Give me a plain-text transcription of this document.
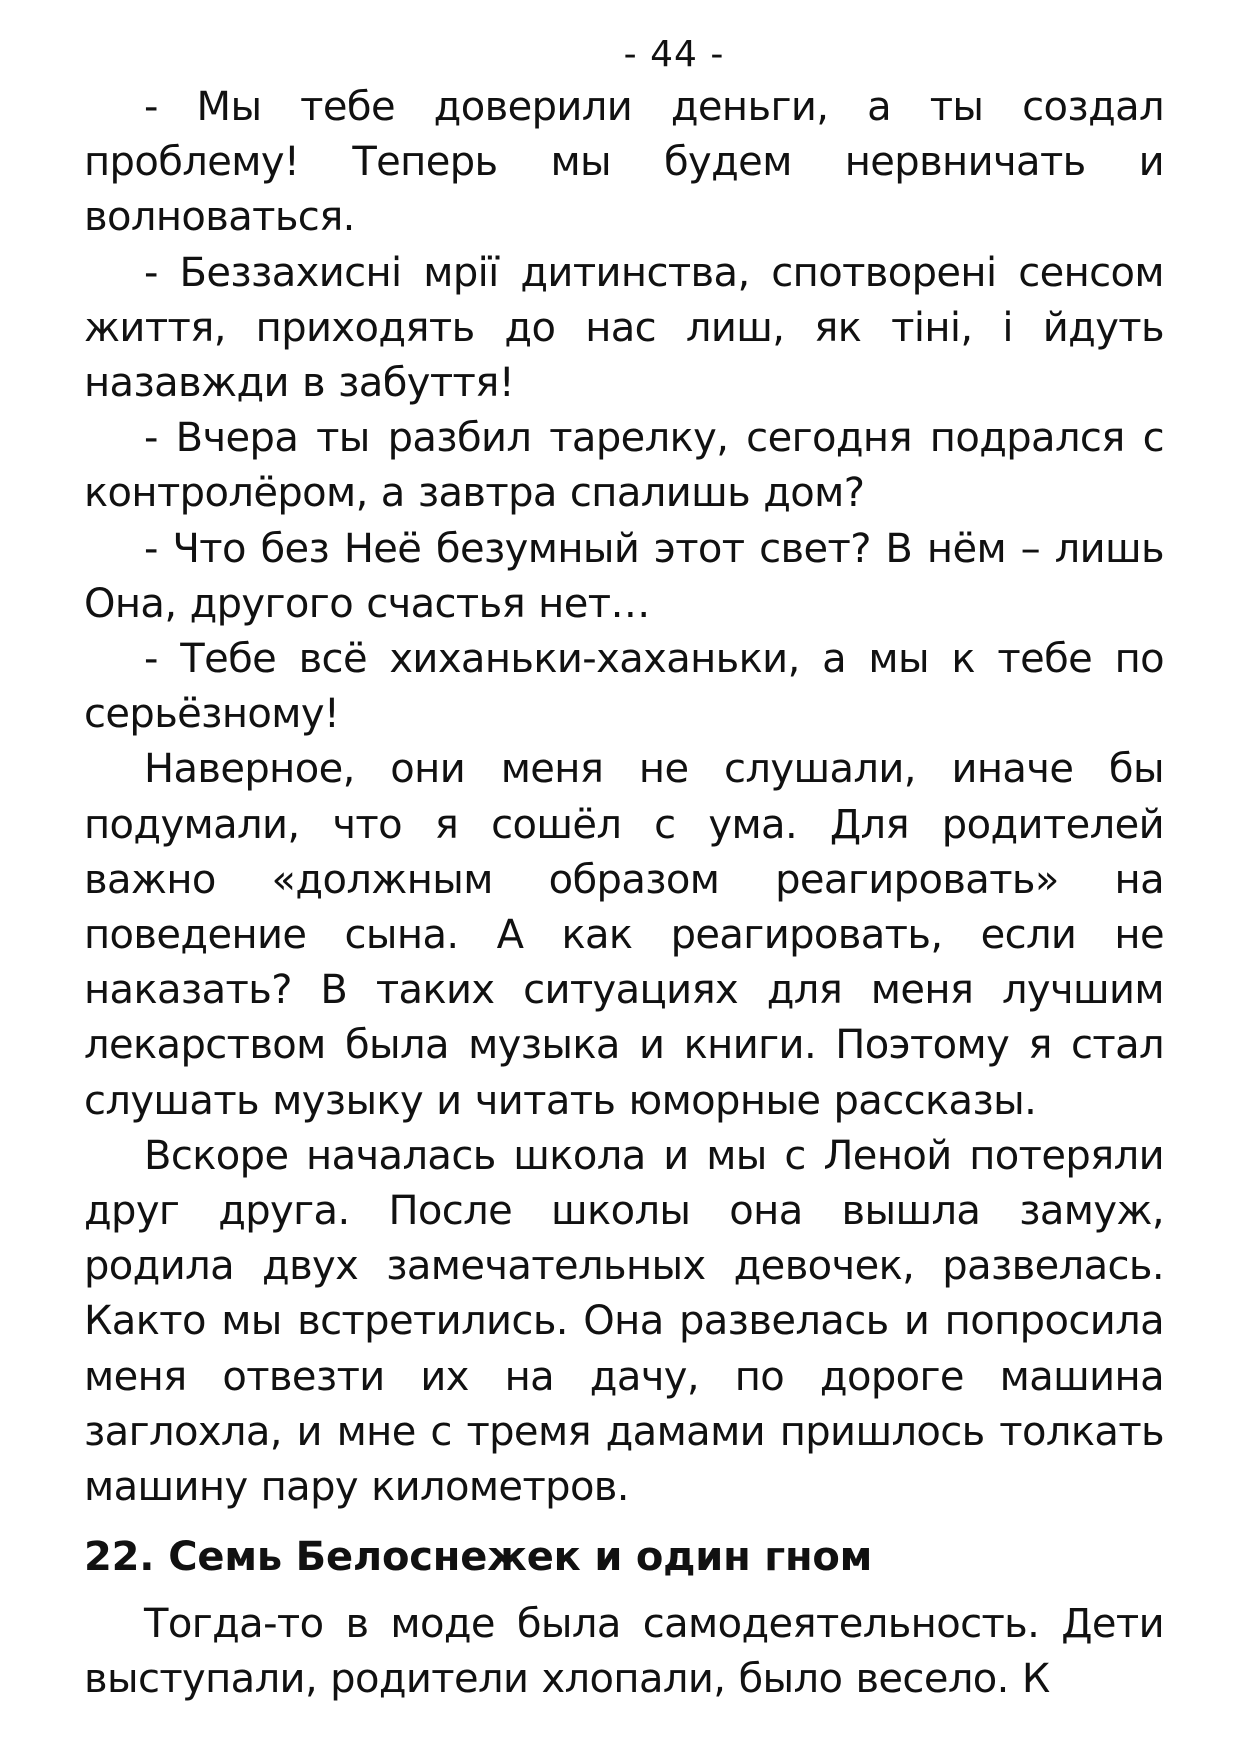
- 44 -

- Мы тебе доверили деньги, а ты создал проблему! Теперь мы будем нервничать и волноваться.

- Беззахисні мрії дитинства, спотворені сенсом життя, приходять до нас лиш, як тіні, і йдуть назавжди в забуття!

- Вчера ты разбил тарелку, сегодня подрался с контролёром, а завтра спалишь дом?

- Что без Неё безумный этот свет? В нём – лишь Она, другого счастья нет…

- Тебе всё хиханьки-хаханьки, а мы к тебе по серьёзному!

Наверное, они меня не слушали, иначе бы подумали, что я сошёл с ума. Для родителей важно «должным образом реагировать» на поведение сына. А как реагировать, если не наказать? В таких ситуациях для меня лучшим лекарством была музыка и книги. Поэтому я стал слушать музыку и читать юморные рассказы.

Вскоре началась школа и мы с Леной потеряли друг друга. После школы она вышла замуж, родила двух замечательных девочек, развелась. Както мы встретились. Она развелась и попросила меня отвезти их на дачу, по дороге машина заглохла, и мне с тремя дамами пришлось толкать машину пару километров.

22. Семь Белоснежек и один гном

Тогда-то в моде была самодеятельность. Дети выступали, родители хлопали, было весело. К
